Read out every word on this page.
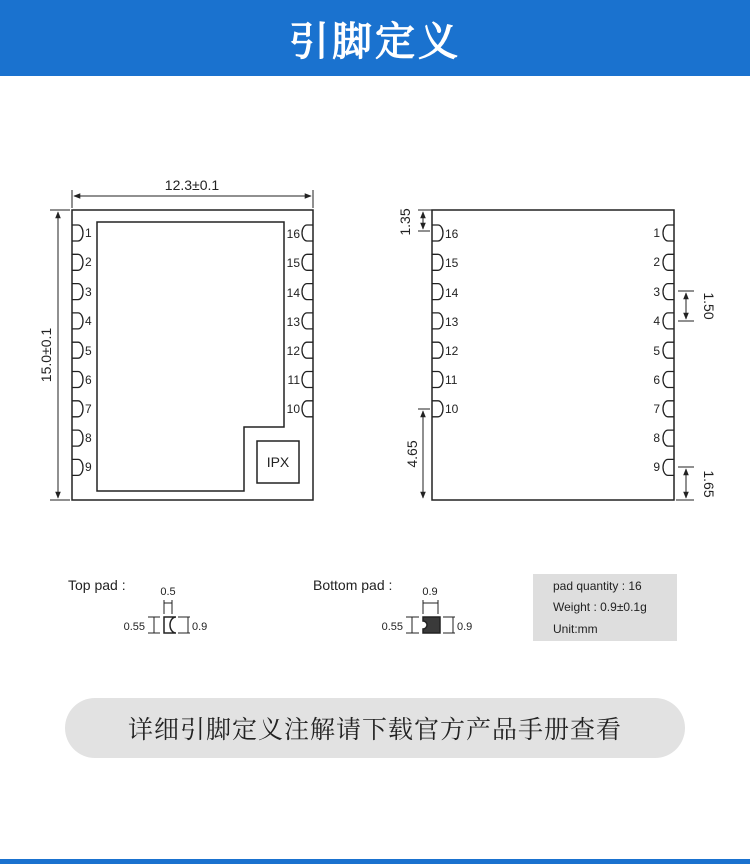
引脚定义
12.3±0.1
15.0±0.1
IPX
1
2
3
4
5
6
7
8
9
16
15
14
13
12
11
10
1.35
4.65
1.50
1.65
16
15
14
13
12
11
10
1
2
3
4
5
6
7
8
9
Top pad :	0.5
0.55	0.9
Bottom pad :	0.9
0.55	0.9
pad quantity : 16
Weight : 0.9±0.1g
Unit:mm
详细引脚定义注解请下载官方产品手册查看
